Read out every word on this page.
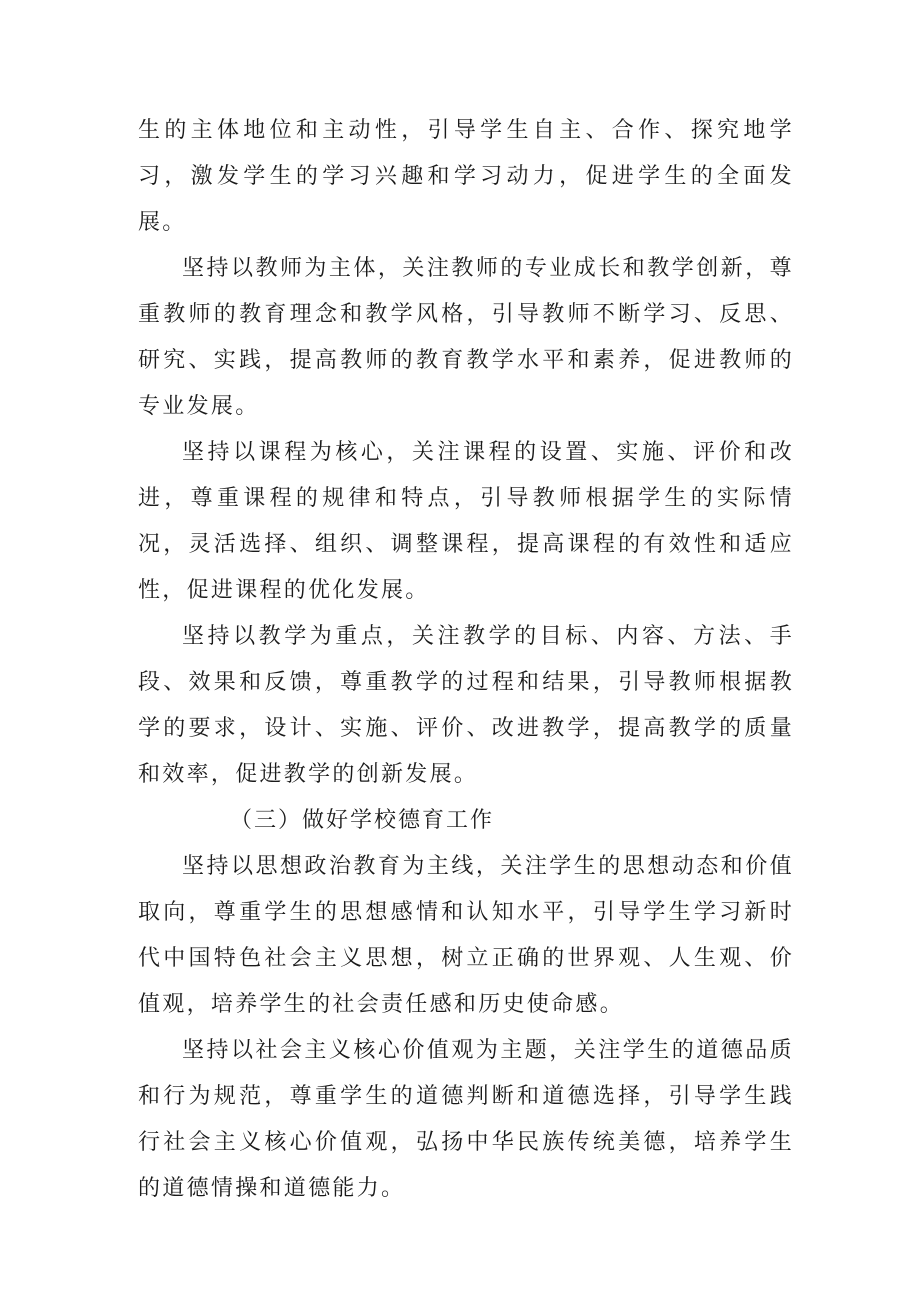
生的主体地位和主动性，引导学生自主、合作、探究地学习，激发学生的学习兴趣和学习动力，促进学生的全面发展。

坚持以教师为主体，关注教师的专业成长和教学创新，尊重教师的教育理念和教学风格，引导教师不断学习、反思、研究、实践，提高教师的教育教学水平和素养，促进教师的专业发展。

坚持以课程为核心，关注课程的设置、实施、评价和改进，尊重课程的规律和特点，引导教师根据学生的实际情况，灵活选择、组织、调整课程，提高课程的有效性和适应性，促进课程的优化发展。

坚持以教学为重点，关注教学的目标、内容、方法、手段、效果和反馈，尊重教学的过程和结果，引导教师根据教学的要求，设计、实施、评价、改进教学，提高教学的质量和效率，促进教学的创新发展。

（三）做好学校德育工作

坚持以思想政治教育为主线，关注学生的思想动态和价值取向，尊重学生的思想感情和认知水平，引导学生学习新时代中国特色社会主义思想，树立正确的世界观、人生观、价值观，培养学生的社会责任感和历史使命感。

坚持以社会主义核心价值观为主题，关注学生的道德品质和行为规范，尊重学生的道德判断和道德选择，引导学生践行社会主义核心价值观，弘扬中华民族传统美德，培养学生的道德情操和道德能力。
